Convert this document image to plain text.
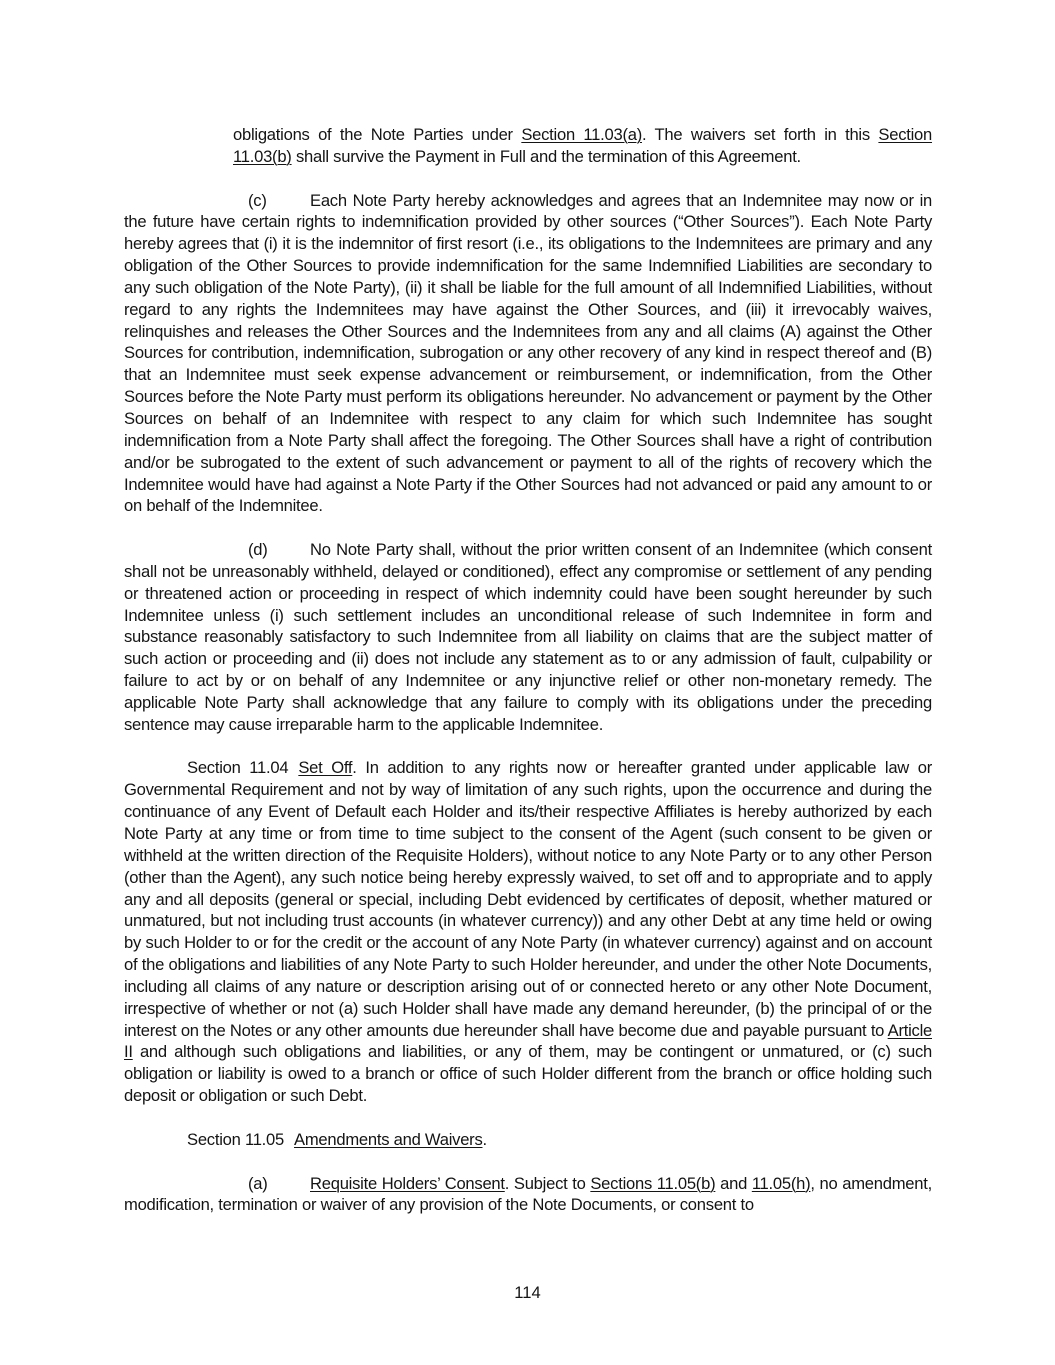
obligations of the Note Parties under Section 11.03(a). The waivers set forth in this Section 11.03(b) shall survive the Payment in Full and the termination of this Agreement.

(c)	Each Note Party hereby acknowledges and agrees that an Indemnitee may now or in the future have certain rights to indemnification provided by other sources (“Other Sources”). Each Note Party hereby agrees that (i) it is the indemnitor of first resort (i.e., its obligations to the Indemnitees are primary and any obligation of the Other Sources to provide indemnification for the same Indemnified Liabilities are secondary to any such obligation of the Note Party), (ii) it shall be liable for the full amount of all Indemnified Liabilities, without regard to any rights the Indemnitees may have against the Other Sources, and (iii) it irrevocably waives, relinquishes and releases the Other Sources and the Indemnitees from any and all claims (A) against the Other Sources for contribution, indemnification, subrogation or any other recovery of any kind in respect thereof and (B) that an Indemnitee must seek expense advancement or reimbursement, or indemnification, from the Other Sources before the Note Party must perform its obligations hereunder. No advancement or payment by the Other Sources on behalf of an Indemnitee with respect to any claim for which such Indemnitee has sought indemnification from a Note Party shall affect the foregoing. The Other Sources shall have a right of contribution and/or be subrogated to the extent of such advancement or payment to all of the rights of recovery which the Indemnitee would have had against a Note Party if the Other Sources had not advanced or paid any amount to or on behalf of the Indemnitee.

(d)	No Note Party shall, without the prior written consent of an Indemnitee (which consent shall not be unreasonably withheld, delayed or conditioned), effect any compromise or settlement of any pending or threatened action or proceeding in respect of which indemnity could have been sought hereunder by such Indemnitee unless (i) such settlement includes an unconditional release of such Indemnitee in form and substance reasonably satisfactory to such Indemnitee from all liability on claims that are the subject matter of such action or proceeding and (ii) does not include any statement as to or any admission of fault, culpability or failure to act by or on behalf of any Indemnitee or any injunctive relief or other non-monetary remedy. The applicable Note Party shall acknowledge that any failure to comply with its obligations under the preceding sentence may cause irreparable harm to the applicable Indemnitee.

Section 11.04 Set Off. In addition to any rights now or hereafter granted under applicable law or Governmental Requirement and not by way of limitation of any such rights, upon the occurrence and during the continuance of any Event of Default each Holder and its/their respective Affiliates is hereby authorized by each Note Party at any time or from time to time subject to the consent of the Agent (such consent to be given or withheld at the written direction of the Requisite Holders), without notice to any Note Party or to any other Person (other than the Agent), any such notice being hereby expressly waived, to set off and to appropriate and to apply any and all deposits (general or special, including Debt evidenced by certificates of deposit, whether matured or unmatured, but not including trust accounts (in whatever currency)) and any other Debt at any time held or owing by such Holder to or for the credit or the account of any Note Party (in whatever currency) against and on account of the obligations and liabilities of any Note Party to such Holder hereunder, and under the other Note Documents, including all claims of any nature or description arising out of or connected hereto or any other Note Document, irrespective of whether or not (a) such Holder shall have made any demand hereunder, (b) the principal of or the interest on the Notes or any other amounts due hereunder shall have become due and payable pursuant to Article II and although such obligations and liabilities, or any of them, may be contingent or unmatured, or (c) such obligation or liability is owed to a branch or office of such Holder different from the branch or office holding such deposit or obligation or such Debt.

Section 11.05 Amendments and Waivers.

(a)	Requisite Holders’ Consent. Subject to Sections 11.05(b) and 11.05(h), no amendment, modification, termination or waiver of any provision of the Note Documents, or consent to

114
